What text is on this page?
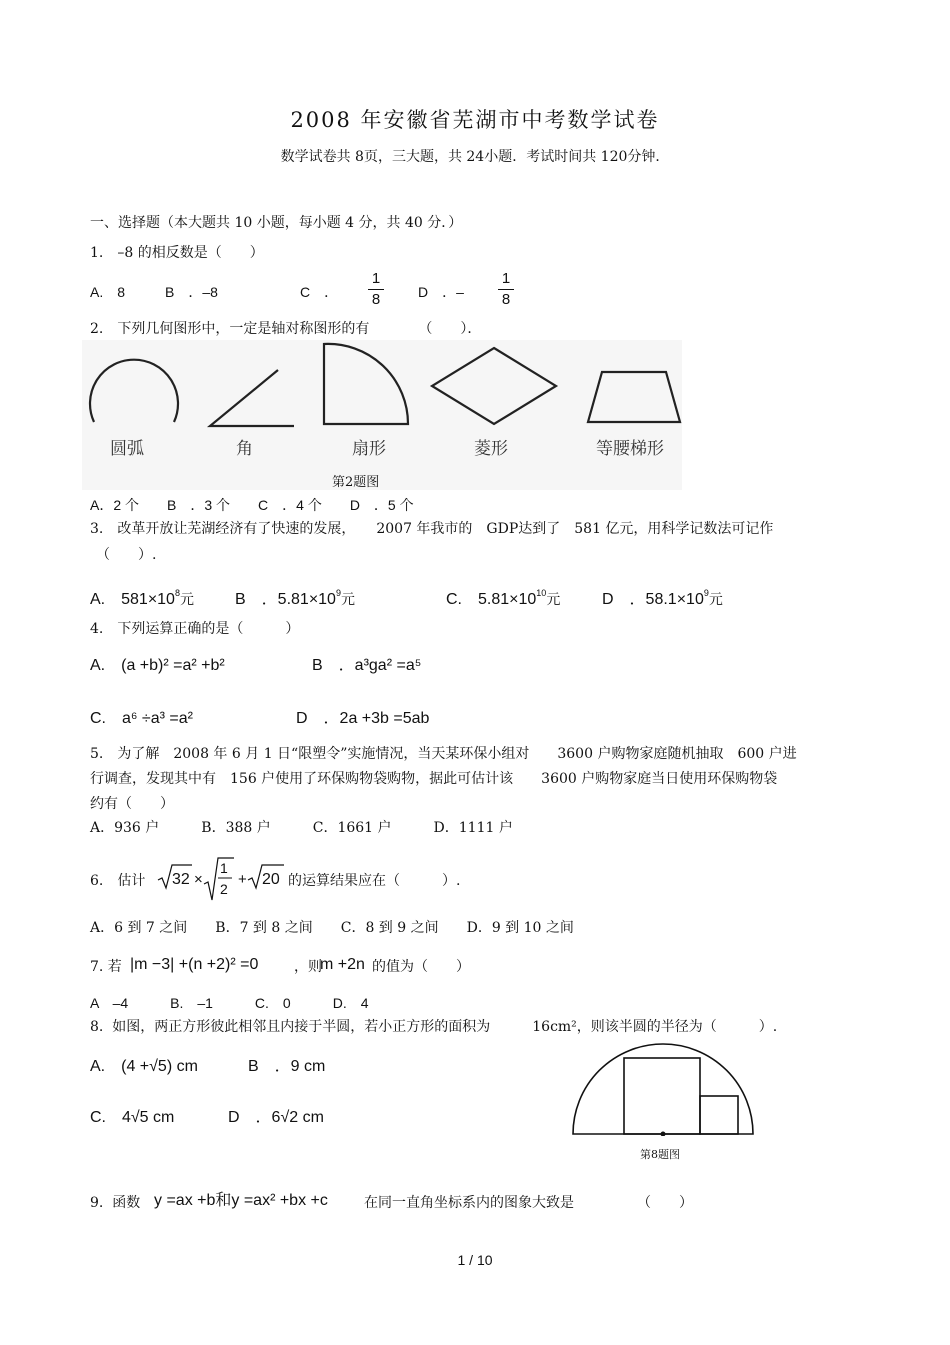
2008 年安徽省芜湖市中考数学试卷
数学试卷共 8页，三大题，共 24小题．考试时间共 120分钟．
一、选择题（本大题共 10 小题，每小题 4 分，共 40 分．）
1.　–8 的相反数是（　　）
A.　8	B　．–8	C　．
1
8	D　．–
1
8
2.　下列几何图形中，一定是轴对称图形的有　　　　（　　）．
圆弧	角	扇形	菱形	等腰梯形
第2题图
A．2 个　　B　．3 个　　C　．4 个　　D　．5 个
3.　改革开放让芜湖经济有了快速的发展，　　2007 年我市的　GDP达到了　581 亿元，用科学记数法可记作
（　　）.
A.　$581\times 10^8$元	B　．$5.81\times 10^9$元	C.　$5.81\times 10^{10}$元	D　．$58.1\times 10^9$元
4.　下列运算正确的是（　　　）
A.　(a +b)² =a² +b²	B　．a³ga² =a⁵
C.　a⁶ ÷a³ =a²	D　．2a +3b =5ab
5.　为了解　2008 年 6 月 1 日“限塑令”实施情况，当天某环保小组对　　3600 户购物家庭随机抽取　600 户进
行调查，发现其中有　156 户使用了环保购物袋购物，据此可估计该　　3600 户购物家庭当日使用环保购物袋
约有（　　）
A．936 户　　　B．388 户　　　C．1661 户　　　D．1111 户
6.　估计 32 ×
1
2
+ 20 的运算结果应在（　　　）.
A．6 到 7 之间　　B．7 到 8 之间　　C．8 到 9 之间　　D．9 到 10 之间
7. 若 |m −3| +(n +2)² =0	，则
m +2n 的值为（　　）
A　–4　　　B.　–1　　　C.　0　　　D.　4
8.  如图，两正方形彼此相邻且内接于半圆，若小正方形的面积为　　　16cm²，则该半圆的半径为（　　　）.
A.　(4 +√5) cm	B　．9 cm
C.　4√5 cm	D　．6√2 cm
第8题图
9.  函数 y =ax +b和y =ax² +bx +c	在同一直角坐标系内的图象大致是　　　　　（　　）
1 / 10
